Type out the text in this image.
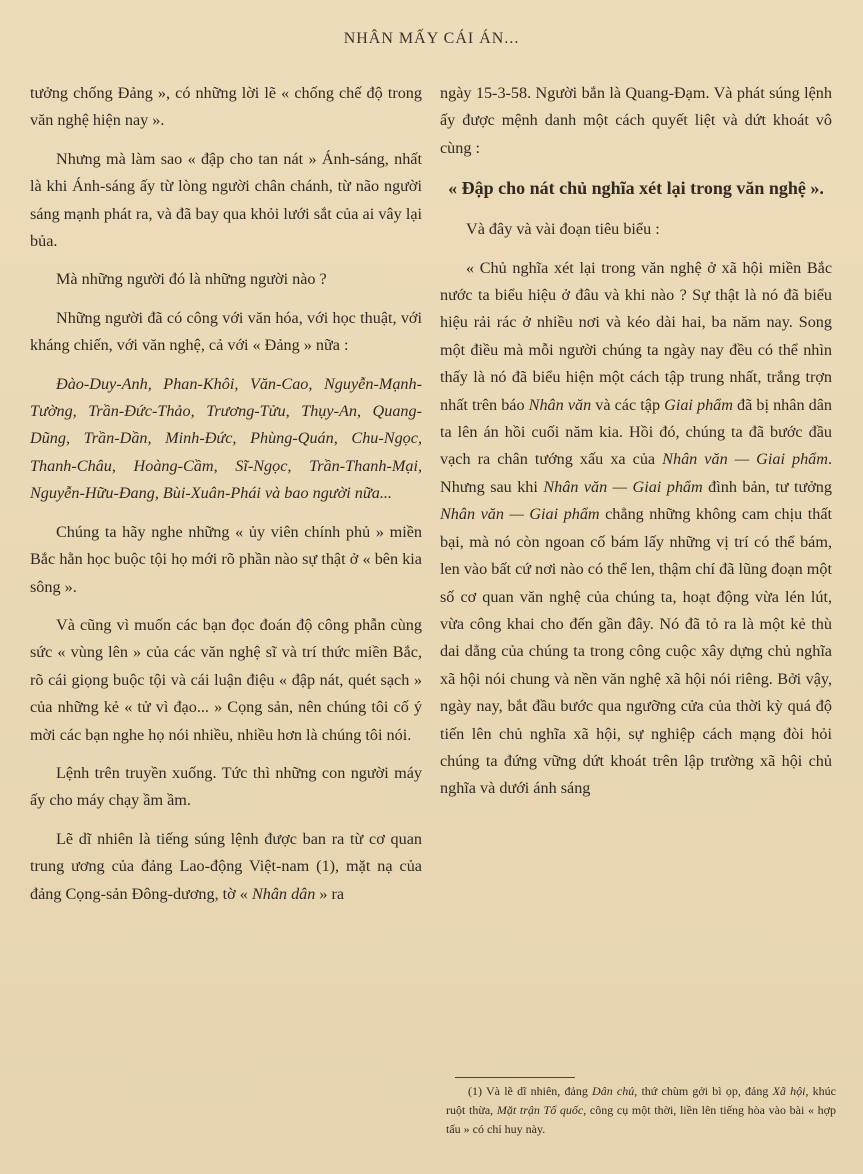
NHÂN MẤY CÁI ÁN...

tưởng chống Đảng », có những lời lẽ « chống chế độ trong văn nghệ hiện nay ».

Nhưng mà làm sao « đập cho tan nát » Ánh-sáng, nhất là khi Ánh-sáng ấy từ lòng người chân chánh, từ não người sáng mạnh phát ra, và đã bay qua khỏi lưới sắt của ai vây lại bủa.

Mà những người đó là những người nào ?

Những người đã có công với văn hóa, với học thuật, với kháng chiến, với văn nghệ, cả với « Đảng » nữa :

Đào-Duy-Anh, Phan-Khôi, Văn-Cao, Nguyễn-Mạnh-Tường, Trần-Đức-Thảo, Trương-Tửu, Thụy-An, Quang-Dũng, Trần-Dần, Minh-Đức, Phùng-Quán, Chu-Ngọc, Thanh-Châu, Hoàng-Cầm, Sĩ-Ngọc, Trần-Thanh-Mại, Nguyễn-Hữu-Đang, Bùi-Xuân-Phái và bao người nữa...

Chúng ta hãy nghe những « ủy viên chính phủ » miền Bắc hằn học buộc tội họ mới rõ phần nào sự thật ở « bên kia sông ».

Và cũng vì muốn các bạn đọc đoán độ công phẫn cùng sức « vùng lên » của các văn nghệ sĩ và trí thức miền Bắc, rõ cái giọng buộc tội và cái luận điệu « đập nát, quét sạch » của những kẻ « tử vì đạo... » Cọng sản, nên chúng tôi cố ý mời các bạn nghe họ nói nhiều, nhiều hơn là chúng tôi nói.

Lệnh trên truyền xuống. Tức thì những con người máy ấy cho máy chạy ầm ầm.

Lẽ dĩ nhiên là tiếng súng lệnh được ban ra từ cơ quan trung ương của đảng Lao-động Việt-nam (1), mặt nạ của đảng Cọng-sản Đông-dương, tờ « Nhân dân » ra

ngày 15-3-58. Người bắn là Quang-Đạm. Và phát súng lệnh ấy được mệnh danh một cách quyết liệt và dứt khoát vô cùng :

« Đập cho nát chủ nghĩa xét lại trong văn nghệ ».

Và đây và vài đoạn tiêu biểu :

« Chủ nghĩa xét lại trong văn nghệ ở xã hội miền Bắc nước ta biểu hiệu ở đâu và khi nào ? Sự thật là nó đã biểu hiệu rải rác ở nhiều nơi và kéo dài hai, ba năm nay. Song một điều mà mỗi người chúng ta ngày nay đều có thể nhìn thấy là nó đã biểu hiện một cách tập trung nhất, trắng trợn nhất trên báo Nhân văn và các tập Giai phẩm đã bị nhân dân ta lên án hồi cuối năm kia. Hồi đó, chúng ta đã bước đầu vạch ra chân tướng xấu xa của Nhân văn — Giai phẩm. Nhưng sau khi Nhân văn — Giai phẩm đình bản, tư tưởng Nhân văn — Giai phẩm chẳng những không cam chịu thất bại, mà nó còn ngoan cố bám lấy những vị trí có thể bám, len vào bất cứ nơi nào có thể len, thậm chí đã lũng đoạn một số cơ quan văn nghệ của chúng ta, hoạt động vừa lén lút, vừa công khai cho đến gần đây. Nó đã tỏ ra là một kẻ thù dai dẳng của chúng ta trong công cuộc xây dựng chủ nghĩa xã hội nói chung và nền văn nghệ xã hội nói riêng. Bởi vậy, ngày nay, bắt đầu bước qua ngưỡng cửa của thời kỳ quá độ tiến lên chủ nghĩa xã hội, sự nghiệp cách mạng đòi hỏi chúng ta đứng vững dứt khoát trên lập trường xã hội chủ nghĩa và dưới ánh sáng

(1) Và lẽ dĩ nhiên, đảng Dân chủ, thứ chùm gởi bì ọp, đảng Xã hội, khúc ruột thừa, Mặt trận Tổ quốc, công cụ một thời, liền lên tiếng hòa vào bài « hợp tấu » có chỉ huy này.
